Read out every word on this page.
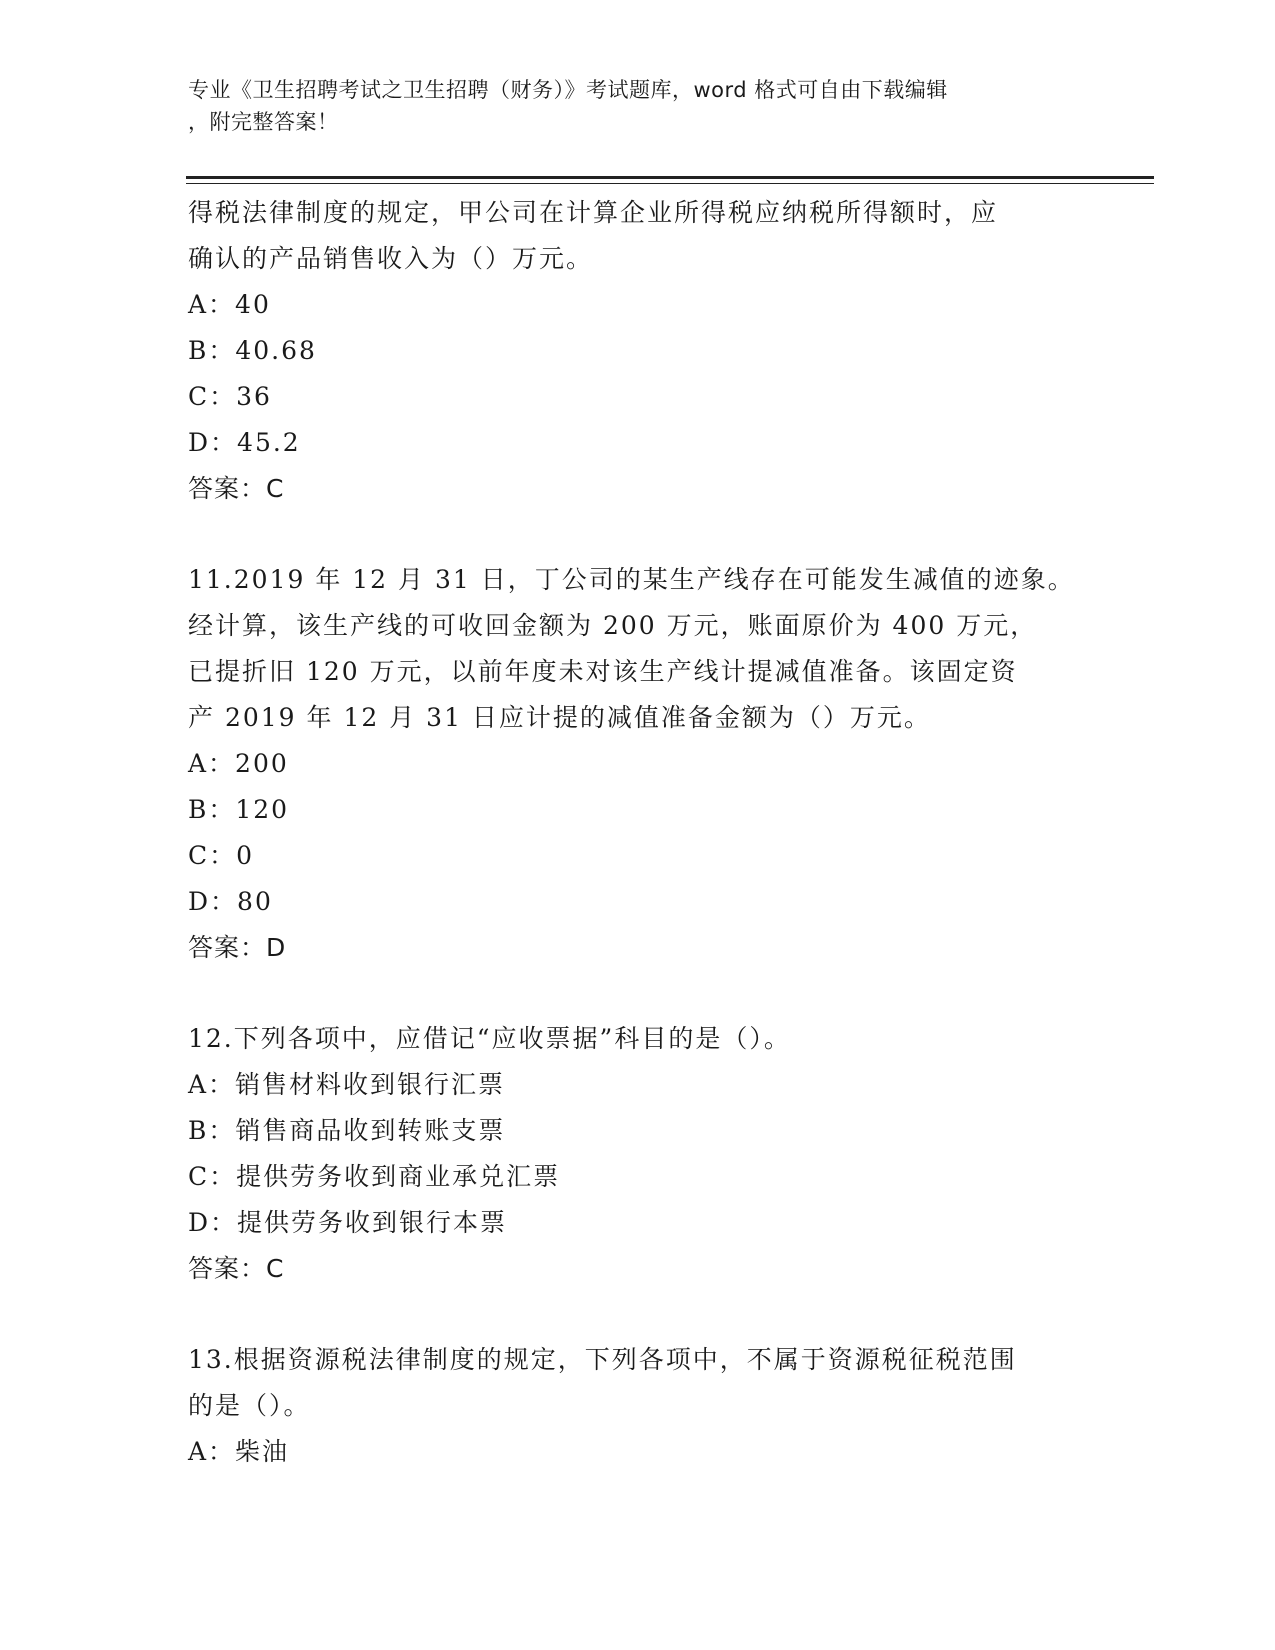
专业《卫生招聘考试之卫生招聘（财务）》考试题库，word 格式可自由下载编辑
，附完整答案！
得税法律制度的规定，甲公司在计算企业所得税应纳税所得额时，应
确认的产品销售收入为（）万元。
A：40
B：40.68
C：36
D：45.2
答案：C
11.2019 年 12 月 31 日，丁公司的某生产线存在可能发生减值的迹象。
经计算，该生产线的可收回金额为 200 万元，账面原价为 400 万元，
已提折旧 120 万元，以前年度未对该生产线计提减值准备。该固定资
产 2019 年 12 月 31 日应计提的减值准备金额为（）万元。
A：200
B：120
C：0
D：80
答案：D
12.下列各项中，应借记“应收票据”科目的是（）。
A：销售材料收到银行汇票
B：销售商品收到转账支票
C：提供劳务收到商业承兑汇票
D：提供劳务收到银行本票
答案：C
13.根据资源税法律制度的规定，下列各项中，不属于资源税征税范围
的是（）。
A：柴油
